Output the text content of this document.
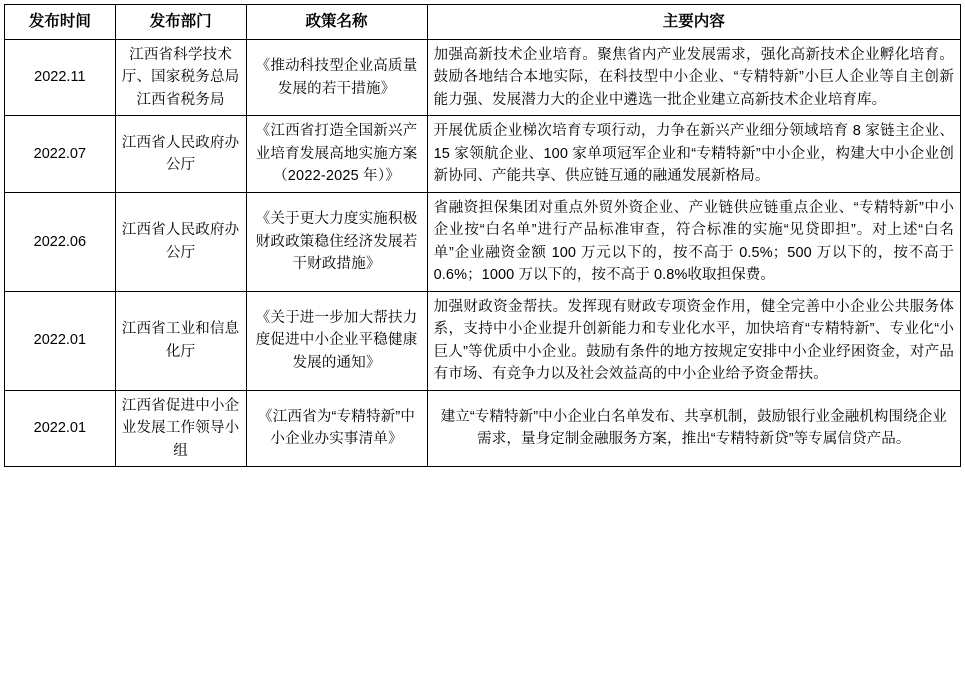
发布时间	发布部门	政策名称	主要内容
2022.11	江西省科学技术厅、国家税务总局江西省税务局	《推动科技型企业高质量发展的若干措施》	加强高新技术企业培育。聚焦省内产业发展需求，强化高新技术企业孵化培育。鼓励各地结合本地实际，在科技型中小企业、“专精特新”小巨人企业等自主创新能力强、发展潜力大的企业中遴选一批企业建立高新技术企业培育库。
2022.07	江西省人民政府办公厅	《江西省打造全国新兴产业培育发展高地实施方案（2022-2025 年）》	开展优质企业梯次培育专项行动，力争在新兴产业细分领域培育 8 家链主企业、15 家领航企业、100 家单项冠军企业和“专精特新”中小企业，构建大中小企业创新协同、产能共享、供应链互通的融通发展新格局。
2022.06	江西省人民政府办公厅	《关于更大力度实施积极财政政策稳住经济发展若干财政措施》	省融资担保集团对重点外贸外资企业、产业链供应链重点企业、“专精特新”中小企业按“白名单”进行产品标准审查，符合标准的实施“见贷即担”。对上述“白名单”企业融资金额 100 万元以下的，按不高于 0.5%；500 万以下的，按不高于 0.6%；1000 万以下的，按不高于 0.8%收取担保费。
2022.01	江西省工业和信息化厅	《关于进一步加大帮扶力度促进中小企业平稳健康发展的通知》	加强财政资金帮扶。发挥现有财政专项资金作用，健全完善中小企业公共服务体系，支持中小企业提升创新能力和专业化水平，加快培育“专精特新”、专业化“小巨人”等优质中小企业。鼓励有条件的地方按规定安排中小企业纾困资金，对产品有市场、有竞争力以及社会效益高的中小企业给予资金帮扶。
2022.01	江西省促进中小企业发展工作领导小组	《江西省为“专精特新”中小企业办实事清单》	建立“专精特新”中小企业白名单发布、共享机制，鼓励银行业金融机构围绕企业需求，量身定制金融服务方案，推出“专精特新贷”等专属信贷产品。
